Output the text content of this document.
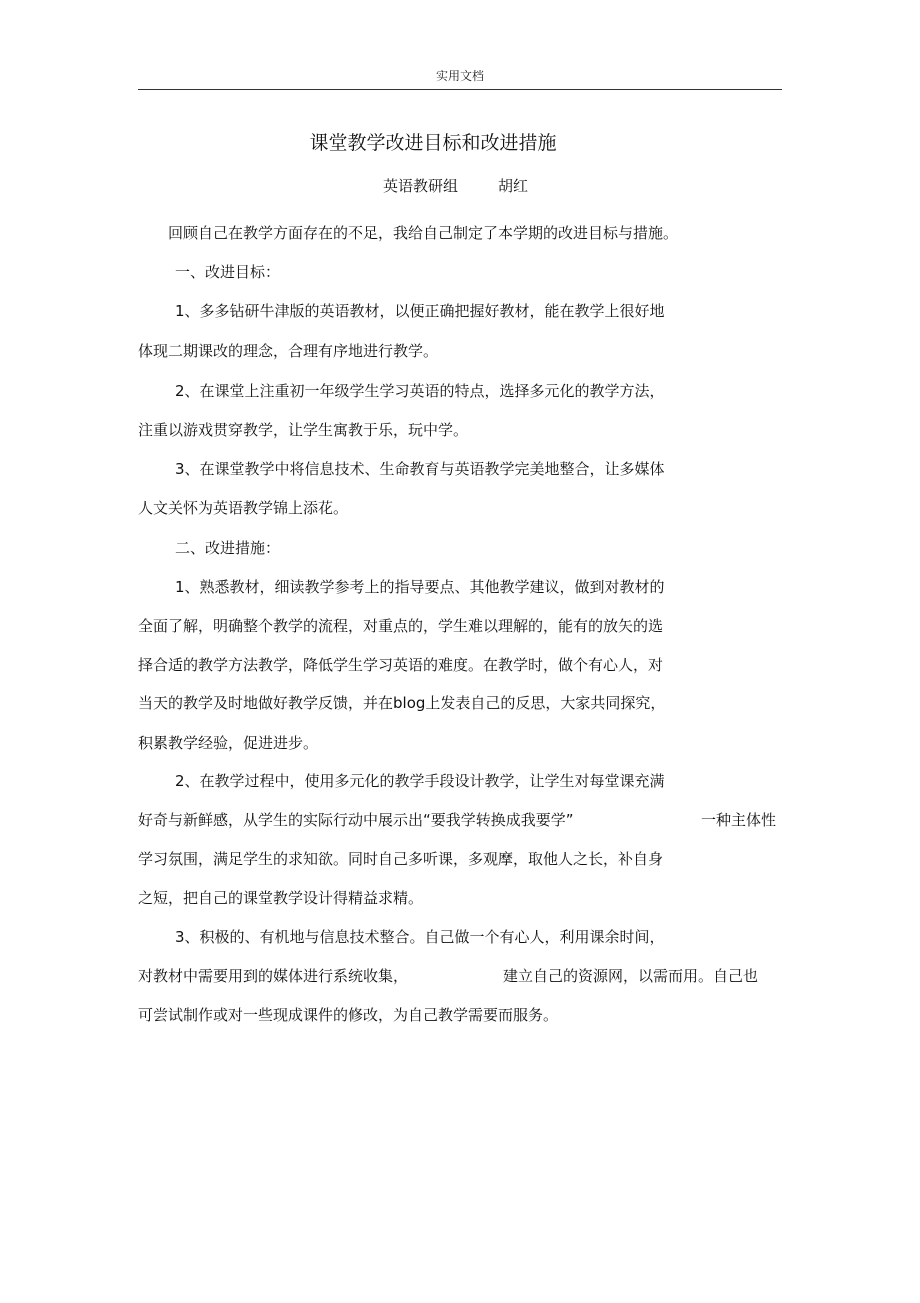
实用文档
课堂教学改进目标和改进措施
英语教研组	胡红
回顾自己在教学方面存在的不足，我给自己制定了本学期的改进目标与措施。
一、改进目标：
1、多多钻研牛津版的英语教材，以便正确把握好教材，能在教学上很好地
体现二期课改的理念，合理有序地进行教学。
2、在课堂上注重初一年级学生学习英语的特点，选择多元化的教学方法，
注重以游戏贯穿教学，让学生寓教于乐，玩中学。
3、在课堂教学中将信息技术、生命教育与英语教学完美地整合，让多媒体
人文关怀为英语教学锦上添花。
二、改进措施：
1、熟悉教材，细读教学参考上的指导要点、其他教学建议，做到对教材的
全面了解，明确整个教学的流程，对重点的，学生难以理解的，能有的放矢的选
择合适的教学方法教学，降低学生学习英语的难度。在教学时，做个有心人，对
当天的教学及时地做好教学反馈，并在blog上发表自己的反思，大家共同探究，
积累教学经验，促进进步。
2、在教学过程中，使用多元化的教学手段设计教学，让学生对每堂课充满
好奇与新鲜感，从学生的实际行动中展示出“要我学转换成我要学”	一种主体性
学习氛围，满足学生的求知欲。同时自己多听课，多观摩，取他人之长，补自身
之短，把自己的课堂教学设计得精益求精。
3、积极的、有机地与信息技术整合。自己做一个有心人，利用课余时间，
对教材中需要用到的媒体进行系统收集，	建立自己的资源网，以需而用。自己也
可尝试制作或对一些现成课件的修改，为自己教学需要而服务。
